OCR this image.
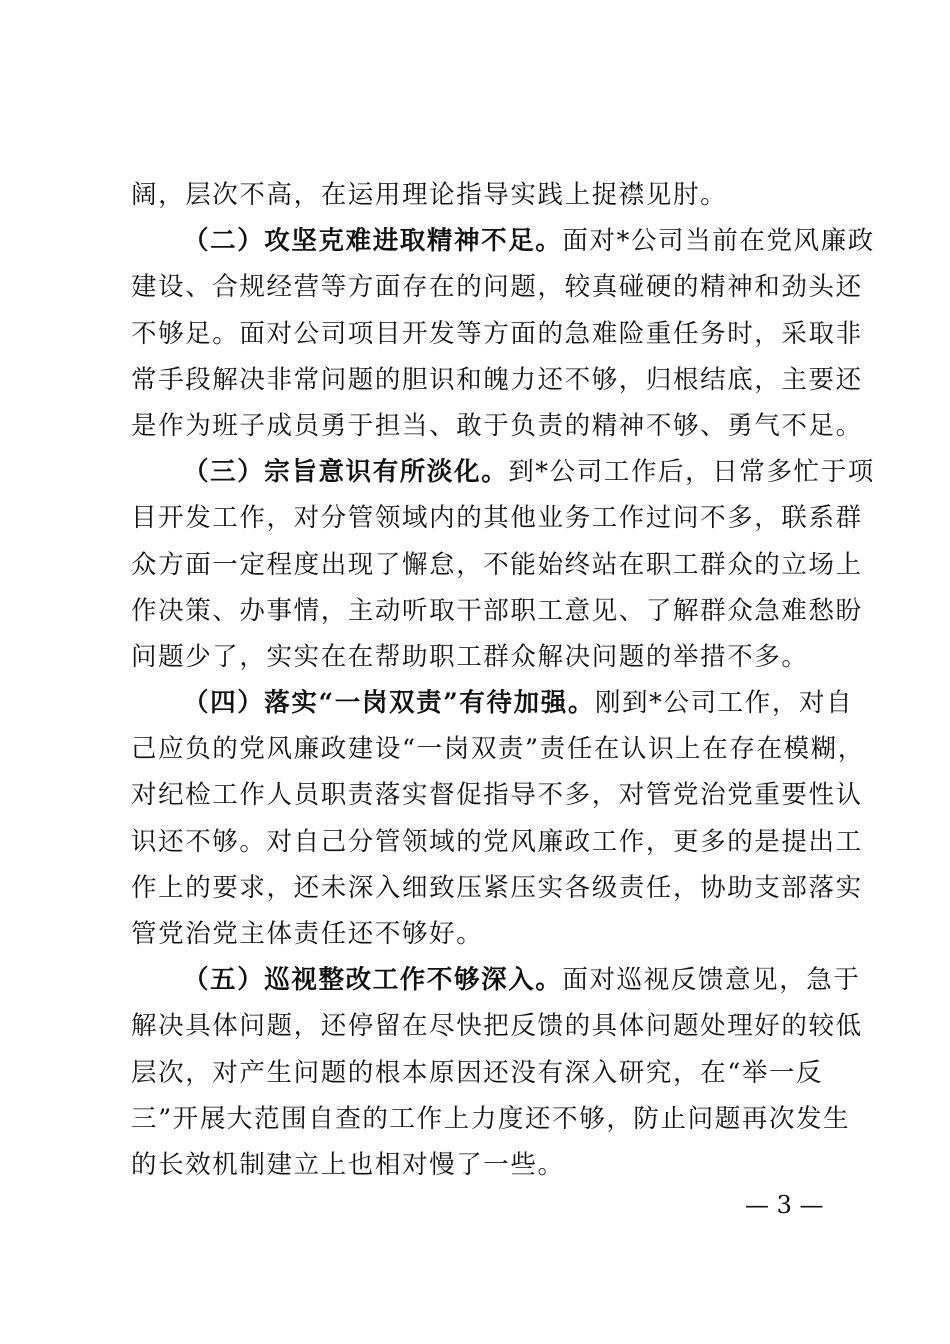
阔，层次不高，在运用理论指导实践上捉襟见肘。
（二）攻坚克难进取精神不足。面对*公司当前在党风廉政
建设、合规经营等方面存在的问题，较真碰硬的精神和劲头还
不够足。面对公司项目开发等方面的急难险重任务时，采取非
常手段解决非常问题的胆识和魄力还不够，归根结底，主要还
是作为班子成员勇于担当、敢于负责的精神不够、勇气不足。
（三）宗旨意识有所淡化。到*公司工作后，日常多忙于项
目开发工作，对分管领域内的其他业务工作过问不多，联系群
众方面一定程度出现了懈怠，不能始终站在职工群众的立场上
作决策、办事情，主动听取干部职工意见、了解群众急难愁盼
问题少了，实实在在帮助职工群众解决问题的举措不多。
（四）落实“一岗双责”有待加强。刚到*公司工作，对自
己应负的党风廉政建设“一岗双责”责任在认识上在存在模糊，
对纪检工作人员职责落实督促指导不多，对管党治党重要性认
识还不够。对自己分管领域的党风廉政工作，更多的是提出工
作上的要求，还未深入细致压紧压实各级责任，协助支部落实
管党治党主体责任还不够好。
（五）巡视整改工作不够深入。面对巡视反馈意见，急于
解决具体问题，还停留在尽快把反馈的具体问题处理好的较低
层次，对产生问题的根本原因还没有深入研究，在“举一反
三”开展大范围自查的工作上力度还不够，防止问题再次发生
的长效机制建立上也相对慢了一些。
— 3 —
